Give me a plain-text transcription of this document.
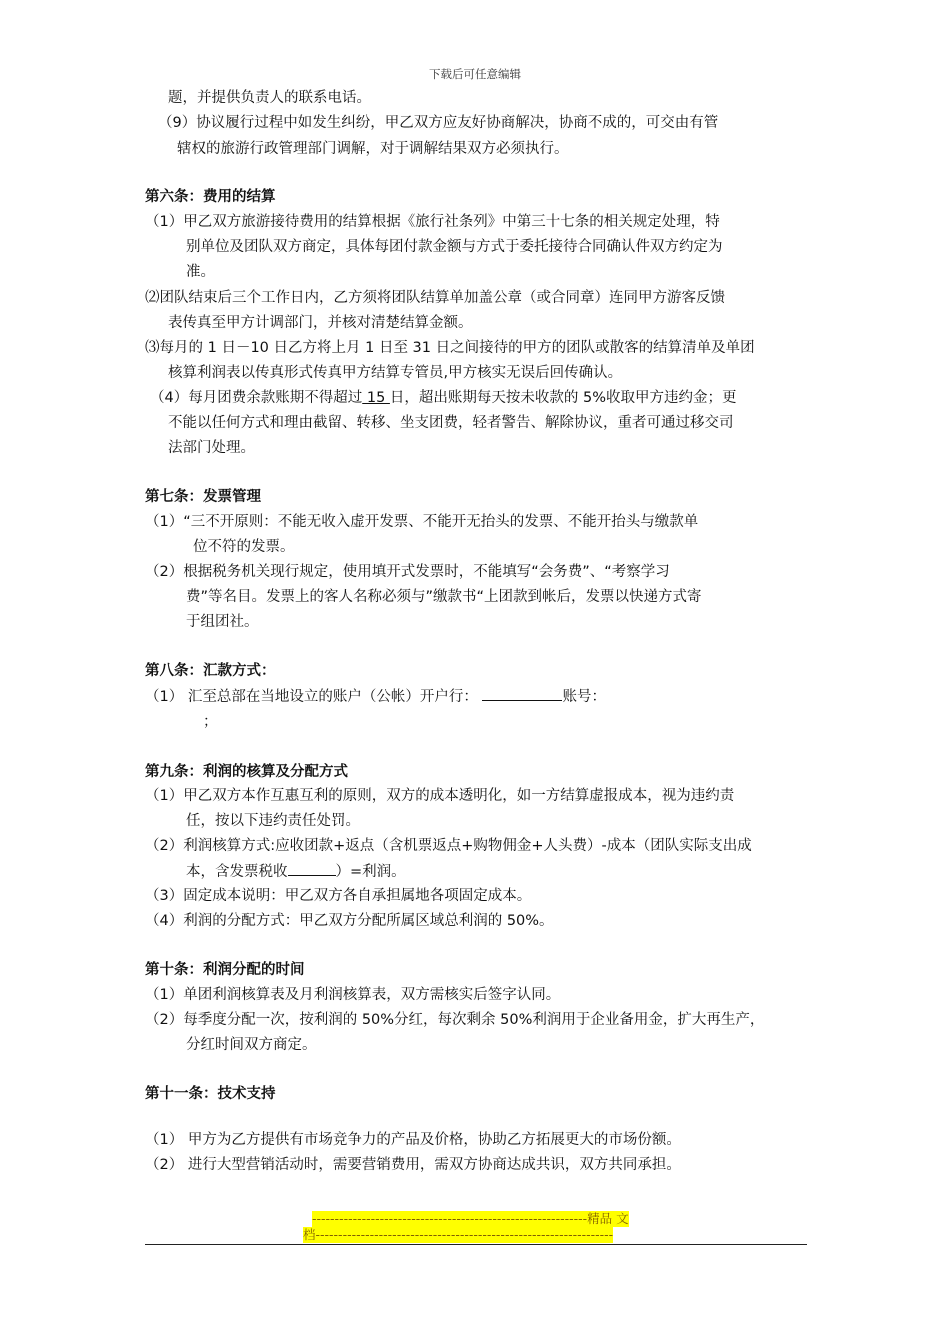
下载后可任意编辑
题，并提供负责人的联系电话。
（9）协议履行过程中如发生纠纷，甲乙双方应友好协商解决，协商不成的，可交由有管
辖权的旅游行政管理部门调解，对于调解结果双方必须执行。
第六条：费用的结算
（1）甲乙双方旅游接待费用的结算根据《旅行社条列》中第三十七条的相关规定处理，特
别单位及团队双方商定，具体每团付款金额与方式于委托接待合同确认件双方约定为
准。
⑵团队结束后三个工作日内，乙方须将团队结算单加盖公章（或合同章）连同甲方游客反馈
表传真至甲方计调部门，并核对清楚结算金额。
⑶每月的 1 日－10 日乙方将上月 1 日至 31 日之间接待的甲方的团队或散客的结算清单及单团
核算利润表以传真形式传真甲方结算专管员,甲方核实无误后回传确认。
（4）每月团费余款账期不得超过 15 日，超出账期每天按未收款的 5%收取甲方违约金；更
不能以任何方式和理由截留、转移、坐支团费，轻者警告、解除协议，重者可通过移交司
法部门处理。
第七条：发票管理
（1）“三不开原则：不能无收入虚开发票、不能开无抬头的发票、不能开抬头与缴款单
位不符的发票。
（2）根据税务机关现行规定，使用填开式发票时，不能填写“会务费”、“考察学习
费”等名目。发票上的客人名称必须与”缴款书“上团款到帐后，发票以快递方式寄
于组团社。
第八条：汇款方式：
（1） 汇至总部在当地设立的账户（公帐）开户行：	账号：
；
第九条：利润的核算及分配方式
（1）甲乙双方本作互惠互利的原则，双方的成本透明化，如一方结算虚报成本，视为违约责
任，按以下违约责任处罚。
（2）利润核算方式:应收团款+返点（含机票返点+购物佣金+人头费）-成本（团队实际支出成
本，含发票税收	）=利润。
（3）固定成本说明：甲乙双方各自承担属地各项固定成本。
（4）利润的分配方式：甲乙双方分配所属区域总利润的 50%。
第十条：利润分配的时间
（1）单团利润核算表及月利润核算表，双方需核实后签字认同。
（2）每季度分配一次，按利润的 50%分红，每次剩余 50%利润用于企业备用金，扩大再生产，
分红时间双方商定。
第十一条：技术支持
（1） 甲方为乙方提供有市场竞争力的产品及价格，协助乙方拓展更大的市场份额。
（2） 进行大型营销活动时，需要营销费用，需双方协商达成共识，双方共同承担。
-------------------------------------------------------------精品 文
档------------------------------------------------------------------
